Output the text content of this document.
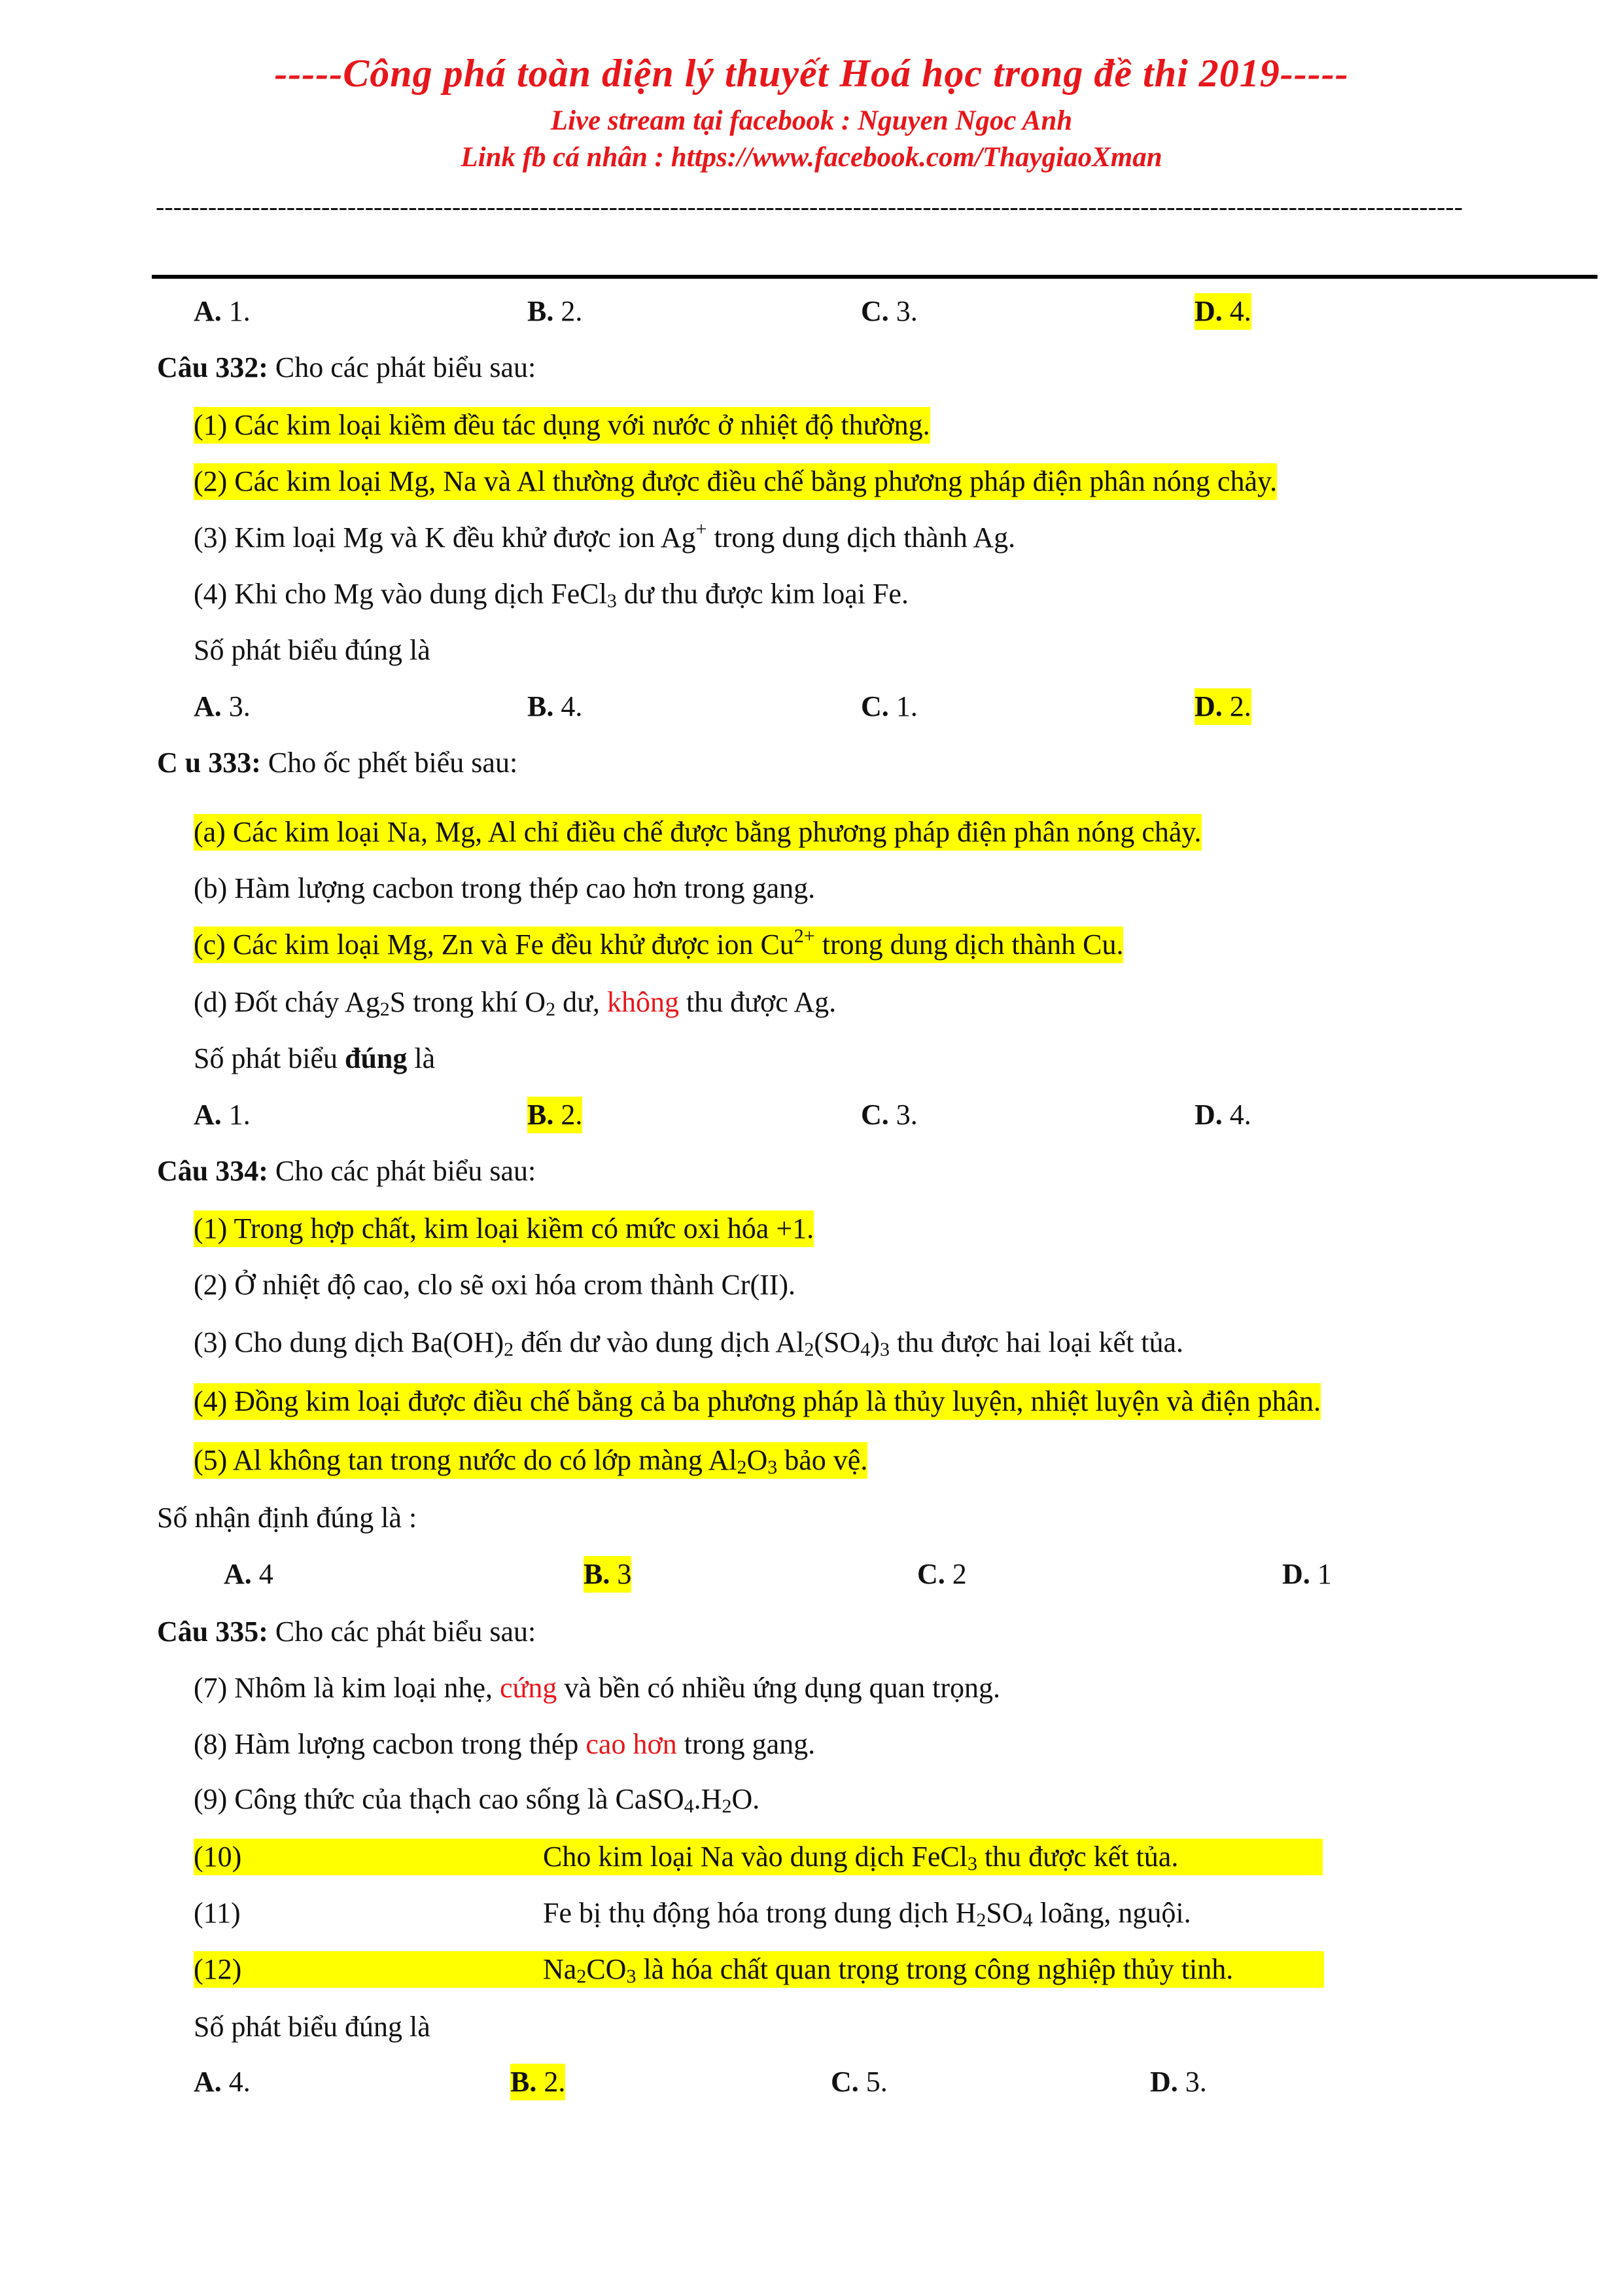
-----Công phá toàn diện lý thuyết Hoá học trong đề thi 2019-----
Live stream tại facebook : Nguyen Ngoc Anh
Link fb cá nhân : https://www.facebook.com/ThaygiaoXman
------------------------------------------------------------------------------------------------------------------------------------------------------
A. 1.	B. 2.	C. 3.	D. 4.
Câu 332: Cho các phát biểu sau:
(1) Các kim loại kiềm đều tác dụng với nước ở nhiệt độ thường.
(2) Các kim loại Mg, Na và Al thường được điều chế bằng phương pháp điện phân nóng chảy.
(3) Kim loại Mg và K đều khử được ion Ag+ trong dung dịch thành Ag.
(4) Khi cho Mg vào dung dịch FeCl$_3$ dư thu được kim loại Fe.
Số phát biểu đúng là
A. 3.	B. 4.	C. 1.	D. 2.
C u 333: Cho ốc phết biểu sau:
(a) Các kim loại Na, Mg, Al chỉ điều chế được bằng phương pháp điện phân nóng chảy.
(b) Hàm lượng cacbon trong thép cao hơn trong gang.
(c) Các kim loại Mg, Zn và Fe đều khử được ion $Cu^{2+}$ trong dung dịch thành Cu.
(d) Đốt cháy $Ag_2S$ trong khí $O_2$ dư, không thu được Ag.
Số phát biểu đúng là
A. 1.	B. 2.	C. 3.	D. 4.
Câu 334: Cho các phát biểu sau:
(1) Trong hợp chất, kim loại kiềm có mức oxi hóa +1.
(2) Ở nhiệt độ cao, clo sẽ oxi hóa crom thành Cr(II).
(3) Cho dung dịch $Ba(OH)_2$ đến dư vào dung dịch $Al_2(SO_4)_3$ thu được hai loại kết tủa.
(4) Đồng kim loại được điều chế bằng cả ba phương pháp là thủy luyện, nhiệt luyện và điện phân.
(5) Al không tan trong nước do có lớp màng $Al_2O_3$ bảo vệ.
Số nhận định đúng là :
A. 4	B. 3	C. 2	D. 1
Câu 335: Cho các phát biểu sau:
(7) Nhôm là kim loại nhẹ, cứng và bền có nhiều ứng dụng quan trọng.
(8) Hàm lượng cacbon trong thép cao hơn trong gang.
(9) Công thức của thạch cao sống là $CaSO_4.H_2O$.
(10)	Cho kim loại Na vào dung dịch FeCl$_3$ thu được kết tủa.
(11)	Fe bị thụ động hóa trong dung dịch $H_2SO_4$ loãng, nguội.
(12)	$Na_2CO_3$ là hóa chất quan trọng trong công nghiệp thủy tinh.
Số phát biểu đúng là
A. 4.	B. 2.	C. 5.	D. 3.
